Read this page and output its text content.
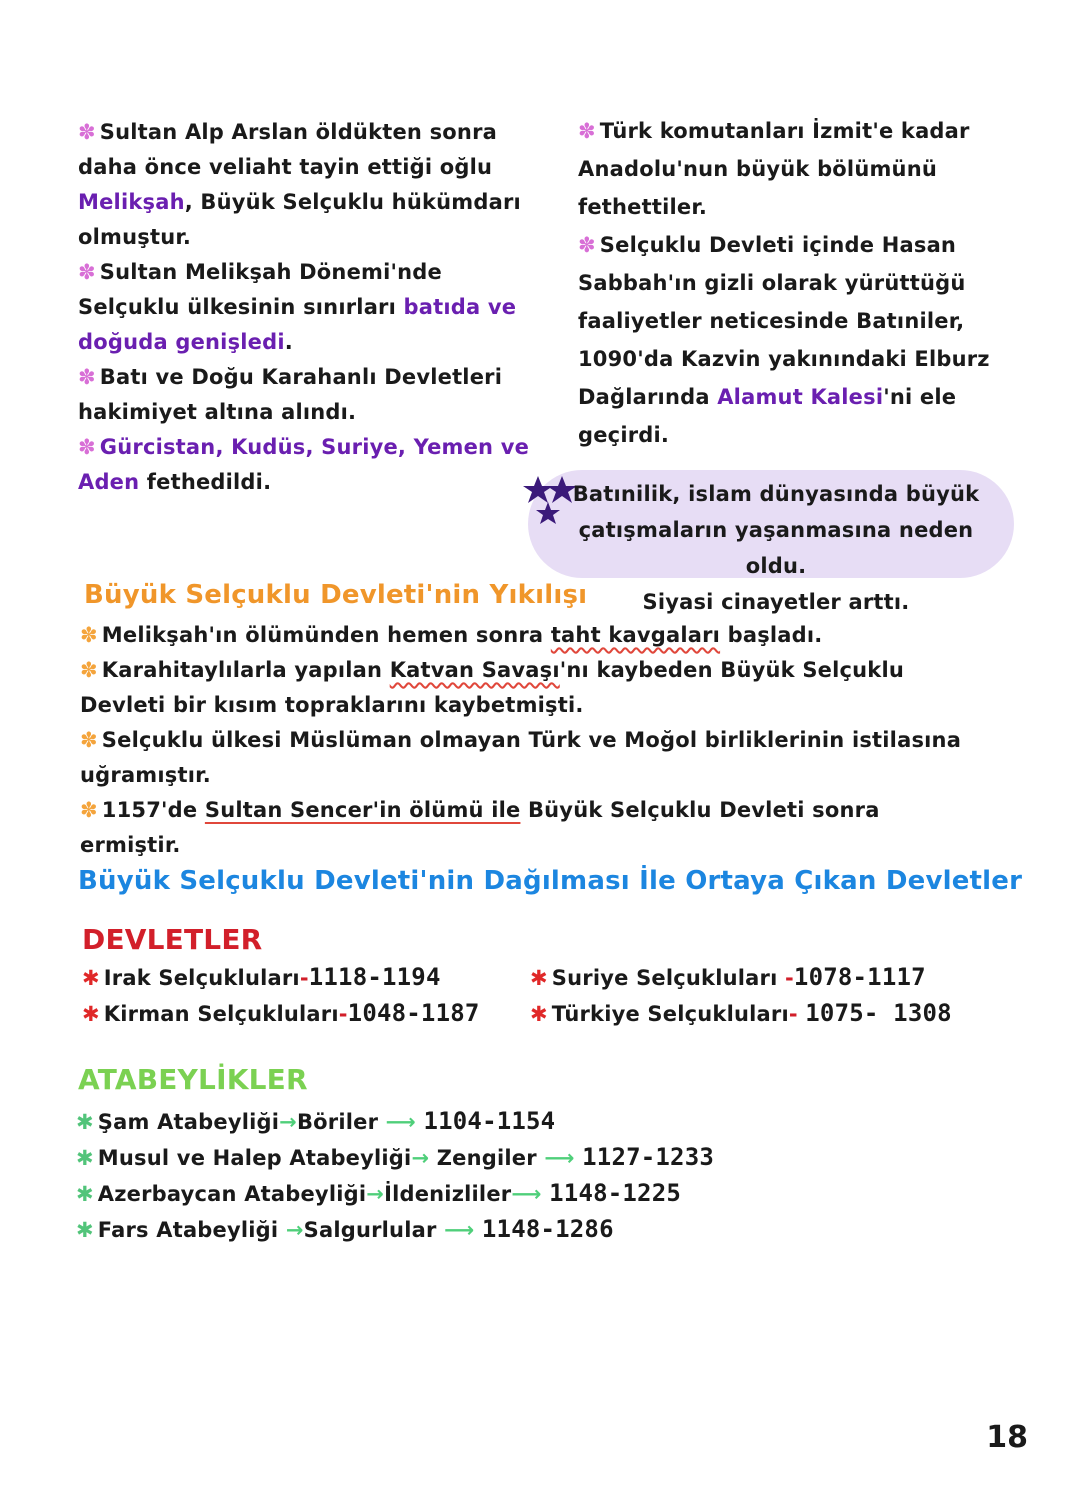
✽ Sultan Alp Arslan öldükten sonra daha önce veliaht tayin ettiği oğlu Melikşah, Büyük Selçuklu hükümdarı olmuştur.

✽ Sultan Melikşah Dönemi'nde Selçuklu ülkesinin sınırları batıda ve doğuda genişledi.

✽ Batı ve Doğu Karahanlı Devletleri hakimiyet altına alındı.

✽ Gürcistan, Kudüs, Suriye, Yemen ve Aden fethedildi.

✽ Türk komutanları İzmit'e kadar Anadolu'nun büyük bölümünü fethettiler.

✽ Selçuklu Devleti içinde Hasan Sabbah'ın gizli olarak yürüttüğü faaliyetler neticesinde Batıniler, 1090'da Kazvin yakınındaki Elburz Dağlarında Alamut Kalesi'ni ele geçirdi.

Batınilik, islam dünyasında büyük
çatışmaların yaşanmasına neden oldu.
Siyasi cinayetler arttı.
Büyük Selçuklu Devleti'nin Yıkılışı
✽ Melikşah'ın ölümünden hemen sonra taht kavgaları başladı.
✽ Karahitaylılarla yapılan Katvan Savaşı'nı kaybeden Büyük Selçuklu Devleti bir kısım topraklarını kaybetmişti.
✽ Selçuklu ülkesi Müslüman olmayan Türk ve Moğol birliklerinin istilasına uğramıştır.
✽ 1157'de Sultan Sencer'in ölümü ile Büyük Selçuklu Devleti sonra ermiştir.
Büyük Selçuklu Devleti'nin Dağılması İle Ortaya Çıkan Devletler
DEVLETLER
✱ Irak Selçukluları-1118-1194
✱ Kirman Selçukluları-1048-1187
✱ Suriye Selçukluları -1078-1117
✱ Türkiye Selçukluları- 1075- 1308
ATABEYLİKLER
✱ Şam Atabeyliği→Böriler ⟶ 1104-1154
✱ Musul ve Halep Atabeyliği→ Zengiler ⟶ 1127-1233
✱ Azerbaycan Atabeyliği→İldenizliler⟶ 1148-1225
✱ Fars Atabeyliği →Salgurlular ⟶ 1148-1286
18
